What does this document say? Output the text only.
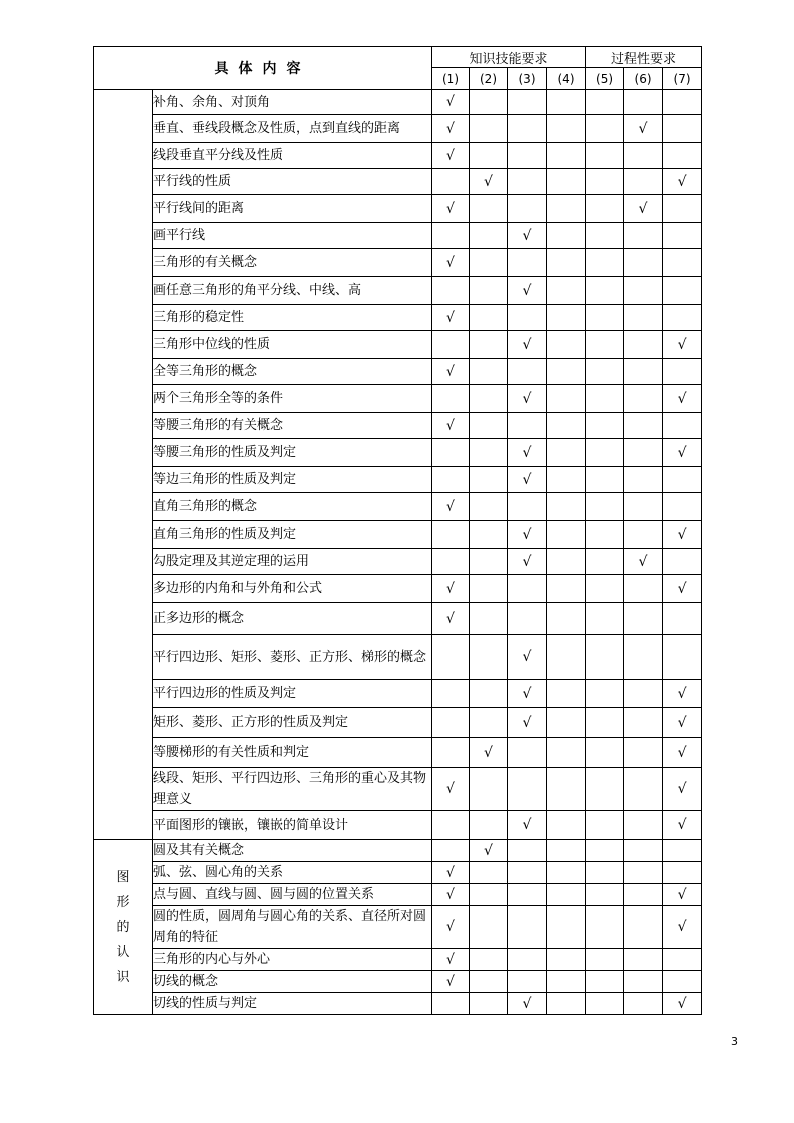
具体内容		知识技能要求				过程性要求		
		(1)	(2)	(3)	(4)	(5)	(6)	(7)
	补角、余角、对顶角	√						
	垂直、垂线段概念及性质，点到直线的距离	√					√	
	线段垂直平分线及性质	√						
	平行线的性质		√					√
	平行线间的距离	√					√	
	画平行线			√				
	三角形的有关概念	√						
	画任意三角形的角平分线、中线、高			√				
	三角形的稳定性	√						
	三角形中位线的性质			√				√
	全等三角形的概念	√						
	两个三角形全等的条件			√				√
	等腰三角形的有关概念	√						
	等腰三角形的性质及判定			√				√
	等边三角形的性质及判定			√				
	直角三角形的概念	√						
	直角三角形的性质及判定			√				√
	勾股定理及其逆定理的运用			√			√	
	多边形的内角和与外角和公式	√						√
	正多边形的概念	√						
	平行四边形、矩形、菱形、正方形、梯形的概念			√				
	平行四边形的性质及判定			√				√
	矩形、菱形、正方形的性质及判定			√				√
	等腰梯形的有关性质和判定		√					√
	线段、矩形、平行四边形、三角形的重心及其物理意义	√						√
	平面图形的镶嵌，镶嵌的简单设计			√				√
图形的认识	圆及其有关概念		√					
	弧、弦、圆心角的关系	√						
	点与圆、直线与圆、圆与圆的位置关系	√						√
	圆的性质，圆周角与圆心角的关系、直径所对圆周角的特征	√						√
	三角形的内心与外心	√						
	切线的概念	√						
	切线的性质与判定			√				√
3
